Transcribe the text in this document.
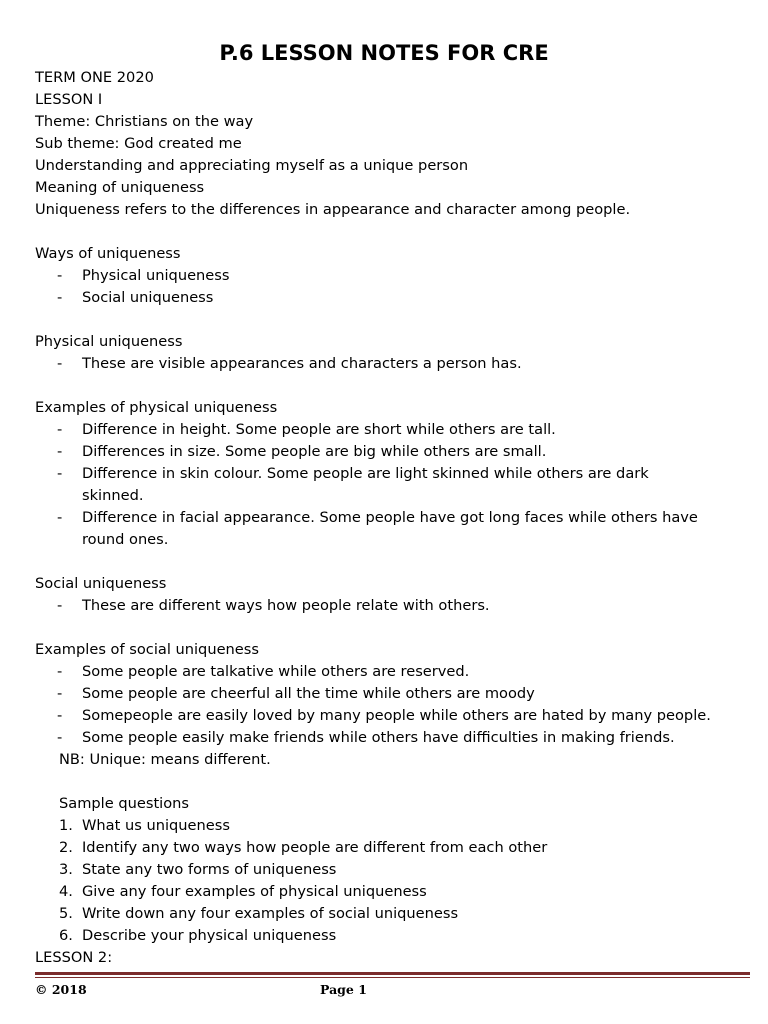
P.6 LESSON NOTES FOR CRE
TERM ONE 2020
LESSON I
Theme: Christians on the way
Sub theme: God created me
Understanding and appreciating myself as a unique person
Meaning of uniqueness
Uniqueness refers to the differences in appearance and character among people.
Ways of uniqueness
- Physical uniqueness
- Social uniqueness
Physical uniqueness
- These are visible appearances and characters a person has.
Examples of physical uniqueness
- Difference in height. Some people are short while others are tall.
- Differences in size. Some people are big while others are small.
- Difference in skin colour. Some people are light skinned while others are dark
skinned.
- Difference in facial appearance. Some people have got long faces while others have
round ones.
Social uniqueness
- These are different ways how people relate with others.
Examples of social uniqueness
- Some people are talkative while others are reserved.
- Some people are cheerful all the time while others are moody
- Somepeople are easily loved by many people while others are hated by many people.
- Some people easily make friends while others have difficulties in making friends.
NB: Unique: means different.
Sample questions
1. What us uniqueness
2. Identify any two ways how people are different from each other
3. State any two forms of uniqueness
4. Give any four examples of physical uniqueness
5. Write down any four examples of social uniqueness
6. Describe your physical uniqueness
LESSON 2:
© 2018	Page 1
